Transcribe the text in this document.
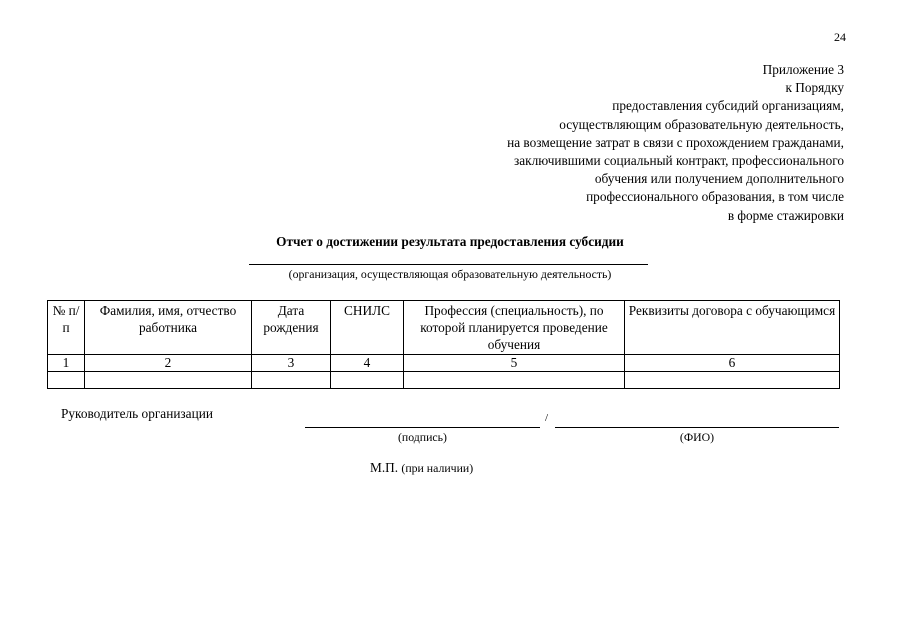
24
Приложение 3
к Порядку
предоставления субсидий организациям,
осуществляющим образовательную деятельность,
на возмещение затрат в связи с прохождением гражданами,
заключившими социальный контракт, профессионального
обучения или получением дополнительного
профессионального образования, в том числе
в форме стажировки
Отчет о достижении результата предоставления субсидии
(организация, осуществляющая образовательную деятельность)
№ п/п	Фамилия, имя, отчество работника	Дата рождения	СНИЛС	Профессия (специальность), по которой планируется проведение обучения	Реквизиты договора с обучающимся
1	2	3	4	5	6

Руководитель организации	/
(подпись)	(ФИО)
М.П. (при наличии)
